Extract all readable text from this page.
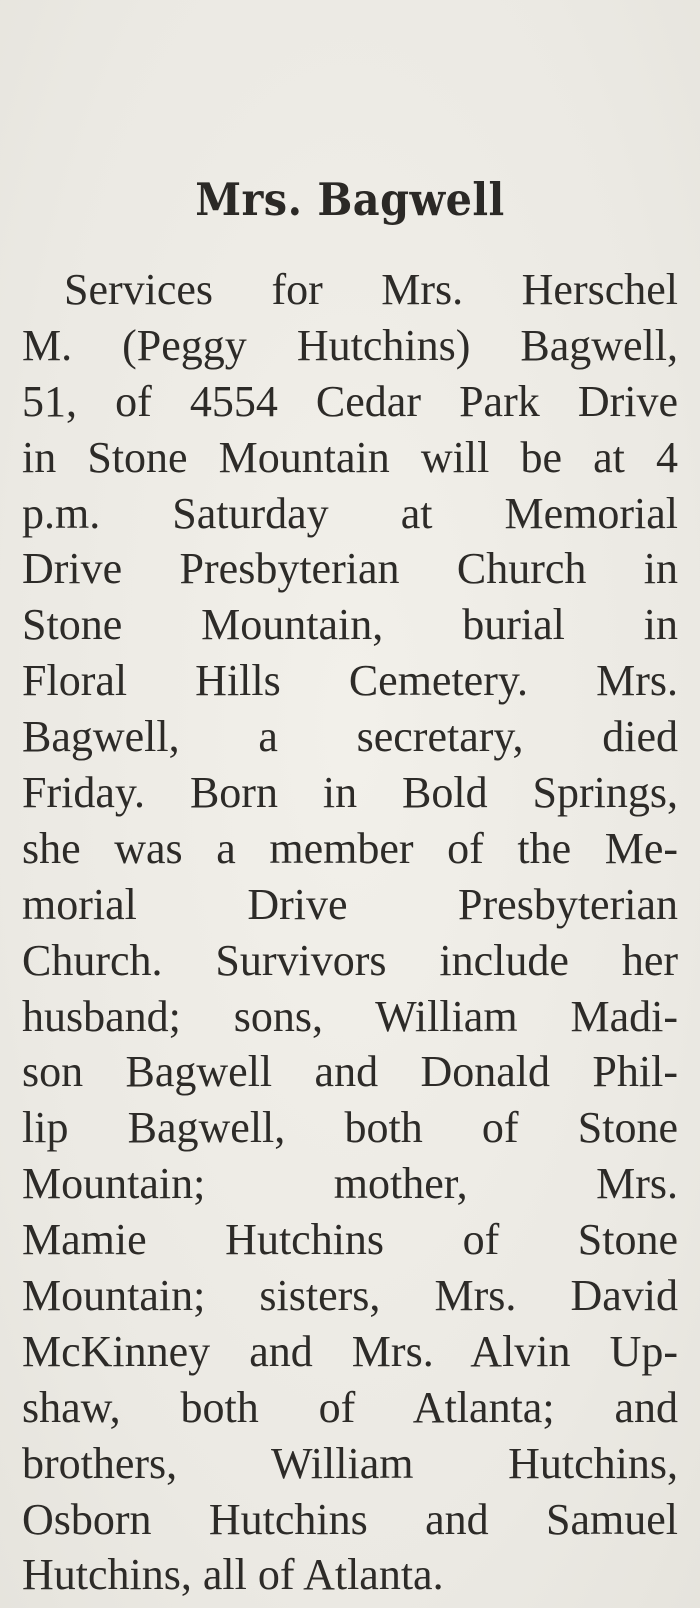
Mrs. Bagwell
Services for Mrs. Herschel
M. (Peggy Hutchins) Bagwell,
51, of 4554 Cedar Park Drive
in Stone Mountain will be at 4
p.m. Saturday at Memorial
Drive Presbyterian Church in
Stone Mountain, burial in
Floral Hills Cemetery. Mrs.
Bagwell, a secretary, died
Friday. Born in Bold Springs,
she was a member of the Me-
morial Drive Presbyterian
Church. Survivors include her
husband; sons, William Madi-
son Bagwell and Donald Phil-
lip Bagwell, both of Stone
Mountain; mother, Mrs.
Mamie Hutchins of Stone
Mountain; sisters, Mrs. David
McKinney and Mrs. Alvin Up-
shaw, both of Atlanta; and
brothers, William Hutchins,
Osborn Hutchins and Samuel
Hutchins, all of Atlanta.
